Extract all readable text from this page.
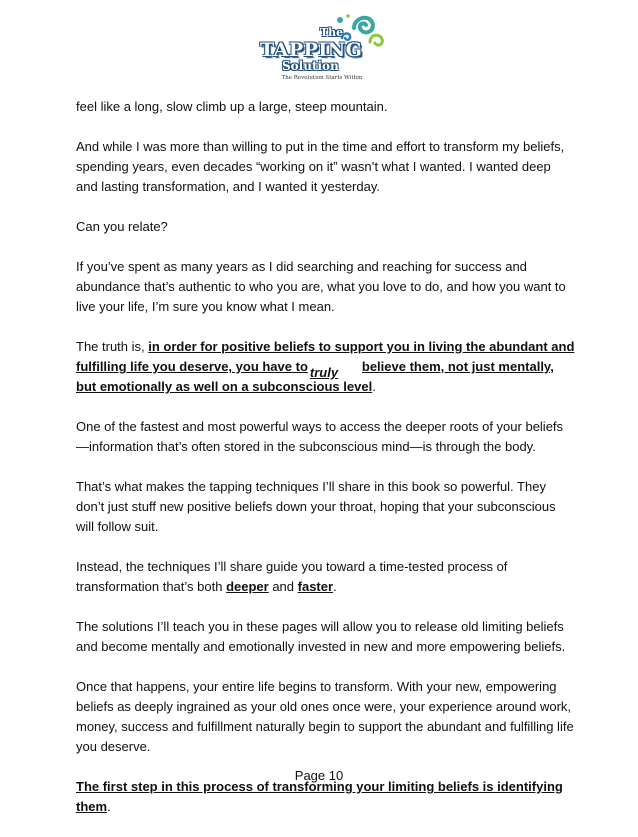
The
TAPPING
Solution
The Revolution Starts Within

feel like a long, slow climb up a large, steep mountain.

And while I was more than willing to put in the time and effort to transform my beliefs, spending years, even decades “working on it” wasn’t what I wanted. I wanted deep and lasting transformation, and I wanted it yesterday.

Can you relate?

If you’ve spent as many years as I did searching and reaching for success and abundance that’s authentic to who you are, what you love to do, and how you want to live your life, I’m sure you know what I mean.

The truth is, in order for positive beliefs to support you in living the abundant and fulfilling life you deserve, you have to truly believe them, not just mentally, but emotionally as well on a subconscious level.

One of the fastest and most powerful ways to access the deeper roots of your beliefs—information that’s often stored in the subconscious mind—is through the body.

That’s what makes the tapping techniques I’ll share in this book so powerful. They don’t just stuff new positive beliefs down your throat, hoping that your subconscious will follow suit.

Instead, the techniques I’ll share guide you toward a time-tested process of transformation that’s both deeper and faster.

The solutions I’ll teach you in these pages will allow you to release old limiting beliefs and become mentally and emotionally invested in new and more empowering beliefs.

Once that happens, your entire life begins to transform. With your new, empowering beliefs as deeply ingrained as your old ones once were, your experience around work, money, success and fulfillment naturally begin to support the abundant and fulfilling life you deserve.

The first step in this process of transforming your limiting beliefs is identifying them.

Page 10
